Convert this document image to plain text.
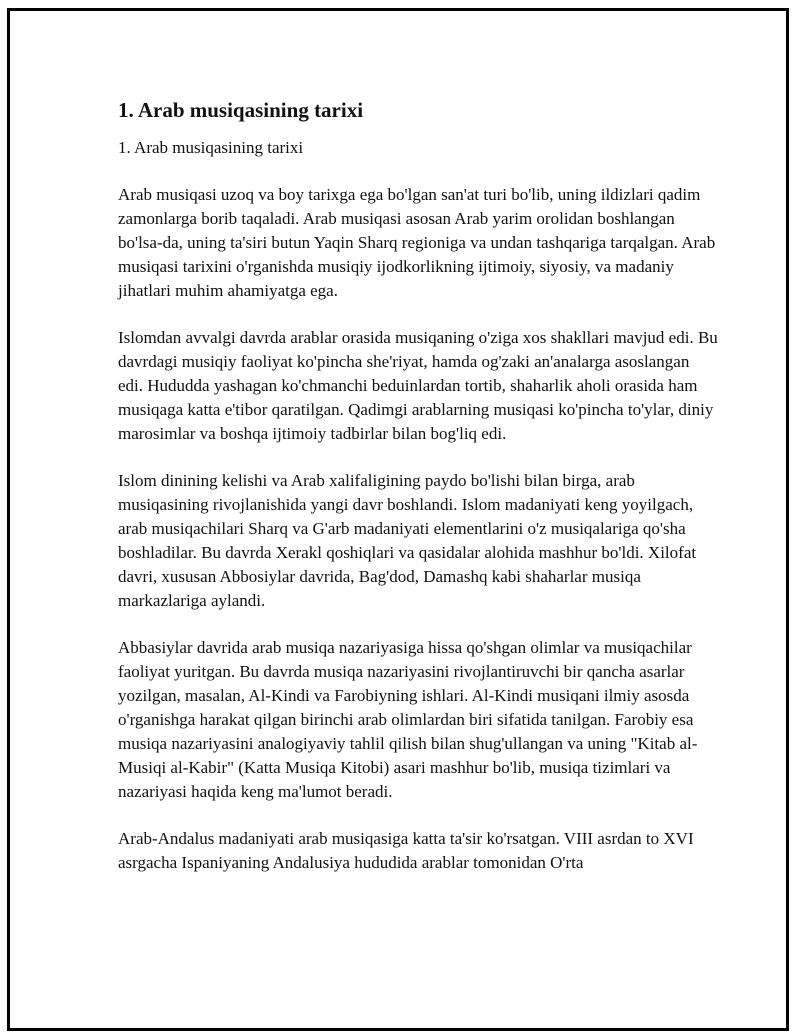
1. Arab musiqasining tarixi
1. Arab musiqasining tarixi

Arab musiqasi uzoq va boy tarixga ega bo'lgan san'at turi bo'lib, uning ildizlari qadim zamonlarga borib taqaladi. Arab musiqasi asosan Arab yarim orolidan boshlangan bo'lsa-da, uning ta'siri butun Yaqin Sharq regioniga va undan tashqariga tarqalgan. Arab musiqasi tarixini o'rganishda musiqiy ijodkorlikning ijtimoiy, siyosiy, va madaniy jihatlari muhim ahamiyatga ega.

Islomdan avvalgi davrda arablar orasida musiqaning o'ziga xos shakllari mavjud edi. Bu davrdagi musiqiy faoliyat ko'pincha she'riyat, hamda og'zaki an'analarga asoslangan edi. Hududda yashagan ko'chmanchi beduinlardan tortib, shaharlik aholi orasida ham musiqaga katta e'tibor qaratilgan. Qadimgi arablarning musiqasi ko'pincha to'ylar, diniy marosimlar va boshqa ijtimoiy tadbirlar bilan bog'liq edi.

Islom dinining kelishi va Arab xalifaligining paydo bo'lishi bilan birga, arab musiqasining rivojlanishida yangi davr boshlandi. Islom madaniyati keng yoyilgach, arab musiqachilari Sharq va G'arb madaniyati elementlarini o'z musiqalariga qo'sha boshladilar. Bu davrda Xerakl qoshiqlari va qasidalar alohida mashhur bo'ldi. Xilofat davri, xususan Abbosiylar davrida, Bag'dod, Damashq kabi shaharlar musiqa markazlariga aylandi.

Abbasiylar davrida arab musiqa nazariyasiga hissa qo'shgan olimlar va musiqachilar faoliyat yuritgan. Bu davrda musiqa nazariyasini rivojlantiruvchi bir qancha asarlar yozilgan, masalan, Al-Kindi va Farobiyning ishlari. Al-Kindi musiqani ilmiy asosda o'rganishga harakat qilgan birinchi arab olimlardan biri sifatida tanilgan. Farobiy esa musiqa nazariyasini analogiyaviy tahlil qilish bilan shug'ullangan va uning "Kitab al-Musiqi al-Kabir" (Katta Musiqa Kitobi) asari mashhur bo'lib, musiqa tizimlari va nazariyasi haqida keng ma'lumot beradi.

Arab-Andalus madaniyati arab musiqasiga katta ta'sir ko'rsatgan. VIII asrdan to XVI asrgacha Ispaniyaning Andalusiya hududida arablar tomonidan O'rta
